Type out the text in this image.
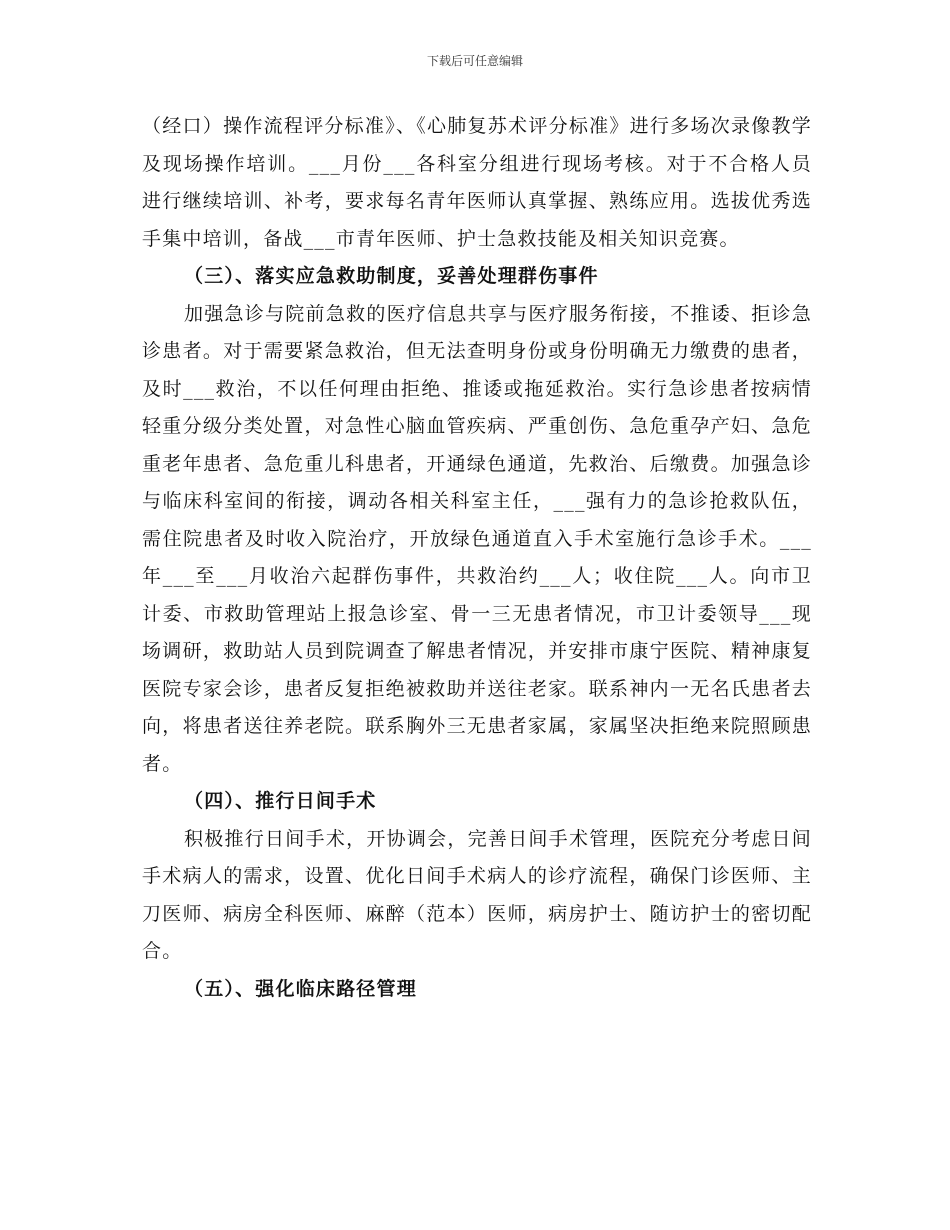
下载后可任意编辑

（经口）操作流程评分标准》、《心肺复苏术评分标准》进行多场次录像教学及现场操作培训。___月份___各科室分组进行现场考核。对于不合格人员进行继续培训、补考，要求每名青年医师认真掌握、熟练应用。选拔优秀选手集中培训，备战___市青年医师、护士急救技能及相关知识竞赛。

（三）、落实应急救助制度，妥善处理群伤事件

加强急诊与院前急救的医疗信息共享与医疗服务衔接，不推诿、拒诊急诊患者。对于需要紧急救治，但无法查明身份或身份明确无力缴费的患者，及时___救治，不以任何理由拒绝、推诿或拖延救治。实行急诊患者按病情轻重分级分类处置，对急性心脑血管疾病、严重创伤、急危重孕产妇、急危重老年患者、急危重儿科患者，开通绿色通道，先救治、后缴费。加强急诊与临床科室间的衔接，调动各相关科室主任，___强有力的急诊抢救队伍，需住院患者及时收入院治疗，开放绿色通道直入手术室施行急诊手术。___年___至___月收治六起群伤事件，共救治约___人；收住院___人。向市卫计委、市救助管理站上报急诊室、骨一三无患者情况，市卫计委领导___现场调研，救助站人员到院调查了解患者情况，并安排市康宁医院、精神康复医院专家会诊，患者反复拒绝被救助并送往老家。联系神内一无名氏患者去向，将患者送往养老院。联系胸外三无患者家属，家属坚决拒绝来院照顾患者。

（四）、推行日间手术

积极推行日间手术，开协调会，完善日间手术管理，医院充分考虑日间手术病人的需求，设置、优化日间手术病人的诊疗流程，确保门诊医师、主刀医师、病房全科医师、麻醉（范本）医师，病房护士、随访护士的密切配合。

（五）、强化临床路径管理
